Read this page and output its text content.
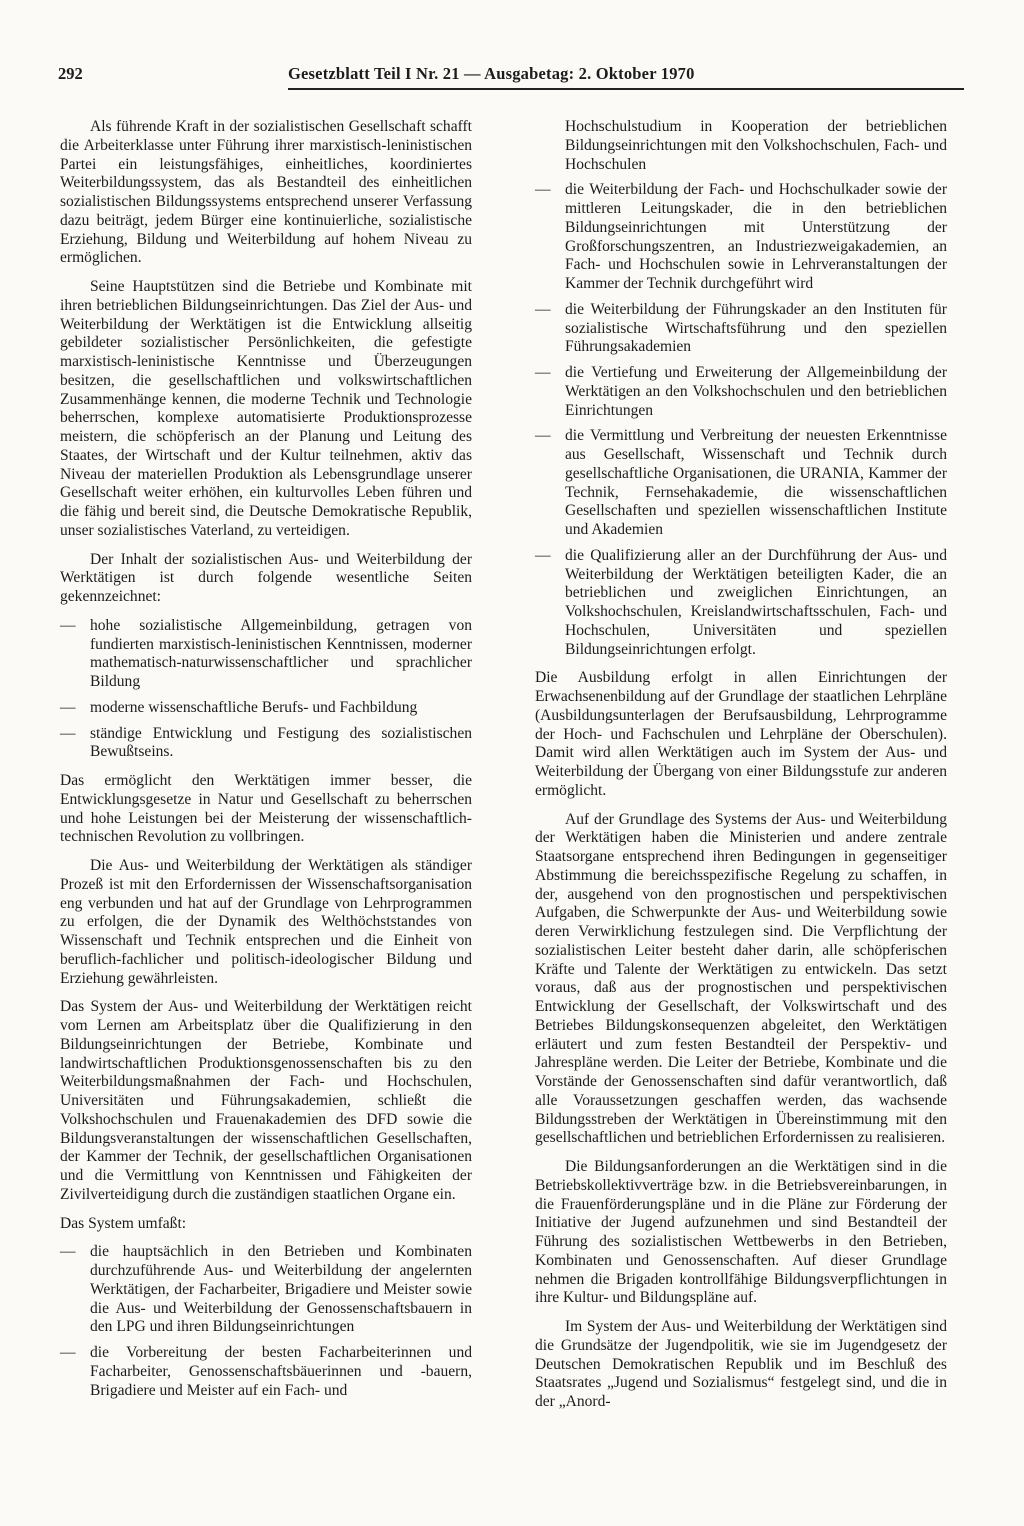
292	Gesetzblatt Teil I Nr. 21 — Ausgabetag: 2. Oktober 1970

Als führende Kraft in der sozialistischen Gesellschaft schafft die Arbeiterklasse unter Führung ihrer marxistisch-leninistischen Partei ein leistungsfähiges, einheitliches, koordiniertes Weiterbildungssystem, das als Bestandteil des einheitlichen sozialistischen Bildungssystems entsprechend unserer Verfassung dazu beiträgt, jedem Bürger eine kontinuierliche, sozialistische Erziehung, Bildung und Weiterbildung auf hohem Niveau zu ermöglichen.

Seine Hauptstützen sind die Betriebe und Kombinate mit ihren betrieblichen Bildungseinrichtungen. Das Ziel der Aus- und Weiterbildung der Werktätigen ist die Entwicklung allseitig gebildeter sozialistischer Persönlichkeiten, die gefestigte marxistisch-leninistische Kenntnisse und Überzeugungen besitzen, die gesellschaftlichen und volkswirtschaftlichen Zusammenhänge kennen, die moderne Technik und Technologie beherrschen, komplexe automatisierte Produktionsprozesse meistern, die schöpferisch an der Planung und Leitung des Staates, der Wirtschaft und der Kultur teilnehmen, aktiv das Niveau der materiellen Produktion als Lebensgrundlage unserer Gesellschaft weiter erhöhen, ein kulturvolles Leben führen und die fähig und bereit sind, die Deutsche Demokratische Republik, unser sozialistisches Vaterland, zu verteidigen.

Der Inhalt der sozialistischen Aus- und Weiterbildung der Werktätigen ist durch folgende wesentliche Seiten gekennzeichnet:

— hohe sozialistische Allgemeinbildung, getragen von fundierten marxistisch-leninistischen Kenntnissen, moderner mathematisch-naturwissenschaftlicher und sprachlicher Bildung
— moderne wissenschaftliche Berufs- und Fachbildung
— ständige Entwicklung und Festigung des sozialistischen Bewußtseins.

Das ermöglicht den Werktätigen immer besser, die Entwicklungsgesetze in Natur und Gesellschaft zu beherrschen und hohe Leistungen bei der Meisterung der wissenschaftlich-technischen Revolution zu vollbringen.

Die Aus- und Weiterbildung der Werktätigen als ständiger Prozeß ist mit den Erfordernissen der Wissenschaftsorganisation eng verbunden und hat auf der Grundlage von Lehrprogrammen zu erfolgen, die der Dynamik des Welthöchststandes von Wissenschaft und Technik entsprechen und die Einheit von beruflich-fachlicher und politisch-ideologischer Bildung und Erziehung gewährleisten.

Das System der Aus- und Weiterbildung der Werktätigen reicht vom Lernen am Arbeitsplatz über die Qualifizierung in den Bildungseinrichtungen der Betriebe, Kombinate und landwirtschaftlichen Produktionsgenossenschaften bis zu den Weiterbildungsmaßnahmen der Fach- und Hochschulen, Universitäten und Führungsakademien, schließt die Volkshochschulen und Frauenakademien des DFD sowie die Bildungsveranstaltungen der wissenschaftlichen Gesellschaften, der Kammer der Technik, der gesellschaftlichen Organisationen und die Vermittlung von Kenntnissen und Fähigkeiten der Zivilverteidigung durch die zuständigen staatlichen Organe ein.

Das System umfaßt:

— die hauptsächlich in den Betrieben und Kombinaten durchzuführende Aus- und Weiterbildung der angelernten Werktätigen, der Facharbeiter, Brigadiere und Meister sowie die Aus- und Weiterbildung der Genossenschaftsbauern in den LPG und ihren Bildungseinrichtungen
— die Vorbereitung der besten Facharbeiterinnen und Facharbeiter, Genossenschaftsbäuerinnen und -bauern, Brigadiere und Meister auf ein Fach- und
Hochschulstudium in Kooperation der betrieblichen Bildungseinrichtungen mit den Volkshochschulen, Fach- und Hochschulen
— die Weiterbildung der Fach- und Hochschulkader sowie der mittleren Leitungskader, die in den betrieblichen Bildungseinrichtungen mit Unterstützung der Großforschungszentren, an Industriezweigakademien, an Fach- und Hochschulen sowie in Lehrveranstaltungen der Kammer der Technik durchgeführt wird
— die Weiterbildung der Führungskader an den Instituten für sozialistische Wirtschaftsführung und den speziellen Führungsakademien
— die Vertiefung und Erweiterung der Allgemeinbildung der Werktätigen an den Volkshochschulen und den betrieblichen Einrichtungen
— die Vermittlung und Verbreitung der neuesten Erkenntnisse aus Gesellschaft, Wissenschaft und Technik durch gesellschaftliche Organisationen, die URANIA, Kammer der Technik, Fernsehakademie, die wissenschaftlichen Gesellschaften und speziellen wissenschaftlichen Institute und Akademien
— die Qualifizierung aller an der Durchführung der Aus- und Weiterbildung der Werktätigen beteiligten Kader, die an betrieblichen und zweiglichen Einrichtungen, an Volkshochschulen, Kreislandwirtschaftsschulen, Fach- und Hochschulen, Universitäten und speziellen Bildungseinrichtungen erfolgt.

Die Ausbildung erfolgt in allen Einrichtungen der Erwachsenenbildung auf der Grundlage der staatlichen Lehrpläne (Ausbildungsunterlagen der Berufsausbildung, Lehrprogramme der Hoch- und Fachschulen und Lehrpläne der Oberschulen). Damit wird allen Werktätigen auch im System der Aus- und Weiterbildung der Übergang von einer Bildungsstufe zur anderen ermöglicht.

Auf der Grundlage des Systems der Aus- und Weiterbildung der Werktätigen haben die Ministerien und andere zentrale Staatsorgane entsprechend ihren Bedingungen in gegenseitiger Abstimmung die bereichsspezifische Regelung zu schaffen, in der, ausgehend von den prognostischen und perspektivischen Aufgaben, die Schwerpunkte der Aus- und Weiterbildung sowie deren Verwirklichung festzulegen sind. Die Verpflichtung der sozialistischen Leiter besteht daher darin, alle schöpferischen Kräfte und Talente der Werktätigen zu entwickeln. Das setzt voraus, daß aus der prognostischen und perspektivischen Entwicklung der Gesellschaft, der Volkswirtschaft und des Betriebes Bildungskonsequenzen abgeleitet, den Werktätigen erläutert und zum festen Bestandteil der Perspektiv- und Jahrespläne werden. Die Leiter der Betriebe, Kombinate und die Vorstände der Genossenschaften sind dafür verantwortlich, daß alle Voraussetzungen geschaffen werden, das wachsende Bildungsstreben der Werktätigen in Übereinstimmung mit den gesellschaftlichen und betrieblichen Erfordernissen zu realisieren.

Die Bildungsanforderungen an die Werktätigen sind in die Betriebskollektivverträge bzw. in die Betriebsvereinbarungen, in die Frauenförderungspläne und in die Pläne zur Förderung der Initiative der Jugend aufzunehmen und sind Bestandteil der Führung des sozialistischen Wettbewerbs in den Betrieben, Kombinaten und Genossenschaften. Auf dieser Grundlage nehmen die Brigaden kontrollfähige Bildungsverpflichtungen in ihre Kultur- und Bildungspläne auf.

Im System der Aus- und Weiterbildung der Werktätigen sind die Grundsätze der Jugendpolitik, wie sie im Jugendgesetz der Deutschen Demokratischen Republik und im Beschluß des Staatsrates „Jugend und Sozialismus“ festgelegt sind, und die in der „Anord-
